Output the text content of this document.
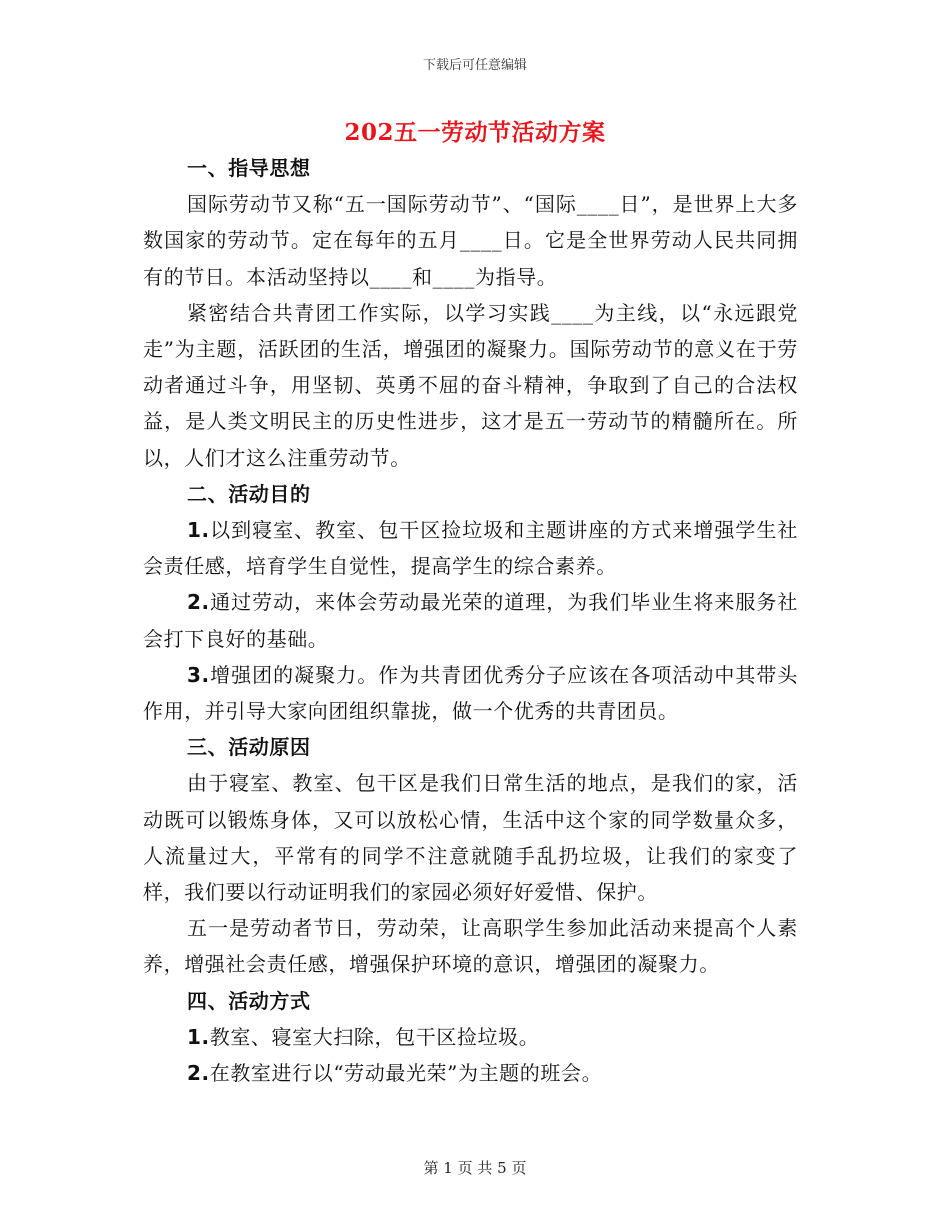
下载后可任意编辑
202五一劳动节活动方案

一、指导思想

国际劳动节又称“五一国际劳动节”、“国际____日”，是世界上大多数国家的劳动节。定在每年的五月____日。它是全世界劳动人民共同拥有的节日。本活动坚持以____和____为指导。

紧密结合共青团工作实际，以学习实践____为主线，以“永远跟党走”为主题，活跃团的生活，增强团的凝聚力。国际劳动节的意义在于劳动者通过斗争，用坚韧、英勇不屈的奋斗精神，争取到了自己的合法权益，是人类文明民主的历史性进步，这才是五一劳动节的精髓所在。所以，人们才这么注重劳动节。

二、活动目的

1.以到寝室、教室、包干区捡垃圾和主题讲座的方式来增强学生社会责任感，培育学生自觉性，提高学生的综合素养。

2.通过劳动，来体会劳动最光荣的道理，为我们毕业生将来服务社会打下良好的基础。

3.增强团的凝聚力。作为共青团优秀分子应该在各项活动中其带头作用，并引导大家向团组织靠拢，做一个优秀的共青团员。

三、活动原因

由于寝室、教室、包干区是我们日常生活的地点，是我们的家，活动既可以锻炼身体，又可以放松心情，生活中这个家的同学数量众多，人流量过大，平常有的同学不注意就随手乱扔垃圾，让我们的家变了样，我们要以行动证明我们的家园必须好好爱惜、保护。

五一是劳动者节日，劳动荣，让高职学生参加此活动来提高个人素养，增强社会责任感，增强保护环境的意识，增强团的凝聚力。

四、活动方式

1.教室、寝室大扫除，包干区捡垃圾。

2.在教室进行以“劳动最光荣”为主题的班会。

第 1 页 共 5 页
